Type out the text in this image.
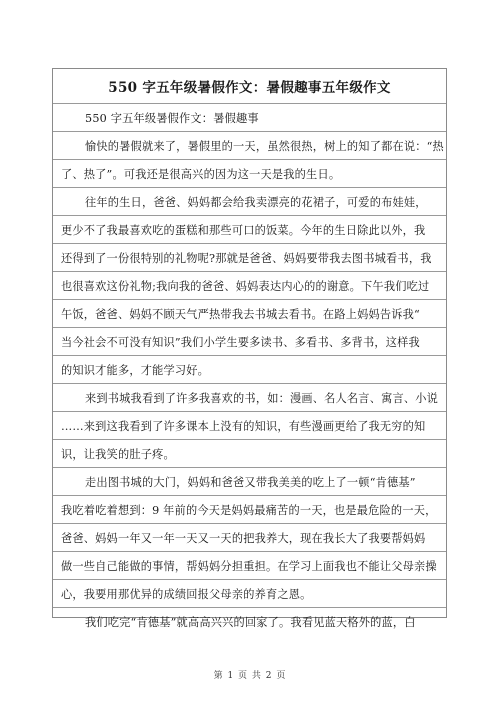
550 字五年级暑假作文：暑假趣事五年级作文
550 字五年级暑假作文：暑假趣事
愉快的暑假就来了，暑假里的一天，虽然很热，树上的知了都在说：“热
了、热了”。可我还是很高兴的因为这一天是我的生日。
往年的生日，爸爸、妈妈都会给我卖漂亮的花裙子，可爱的布娃娃，
更少不了我最喜欢吃的蛋糕和那些可口的饭菜。今年的生日除此以外，我
还得到了一份很特别的礼物呢?那就是爸爸、妈妈要带我去图书城看书，我
也很喜欢这份礼物;我向我的爸爸、妈妈表达内心的的谢意。下午我们吃过
午饭，爸爸、妈妈不顾天气严热带我去书城去看书。在路上妈妈告诉我“
当今社会不可没有知识”我们小学生要多读书、多看书、多背书，这样我
的知识才能多，才能学习好。
来到书城我看到了许多我喜欢的书，如：漫画、名人名言、寓言、小说
……来到这我看到了许多课本上没有的知识，有些漫画更给了我无穷的知
识，让我笑的肚子疼。
走出图书城的大门，妈妈和爸爸又带我美美的吃上了一顿“肯德基”
我吃着吃着想到：9 年前的今天是妈妈最痛苦的一天，也是最危险的一天，
爸爸、妈妈一年又一年一天又一天的把我养大，现在我长大了我要帮妈妈
做一些自己能做的事情，帮妈妈分担重担。在学习上面我也不能让父母亲操
心，我要用那优异的成绩回报父母亲的养育之恩。
我们吃完“肯德基”就高高兴兴的回家了。我看见蓝天格外的蓝，白
第 1 页 共 2 页
